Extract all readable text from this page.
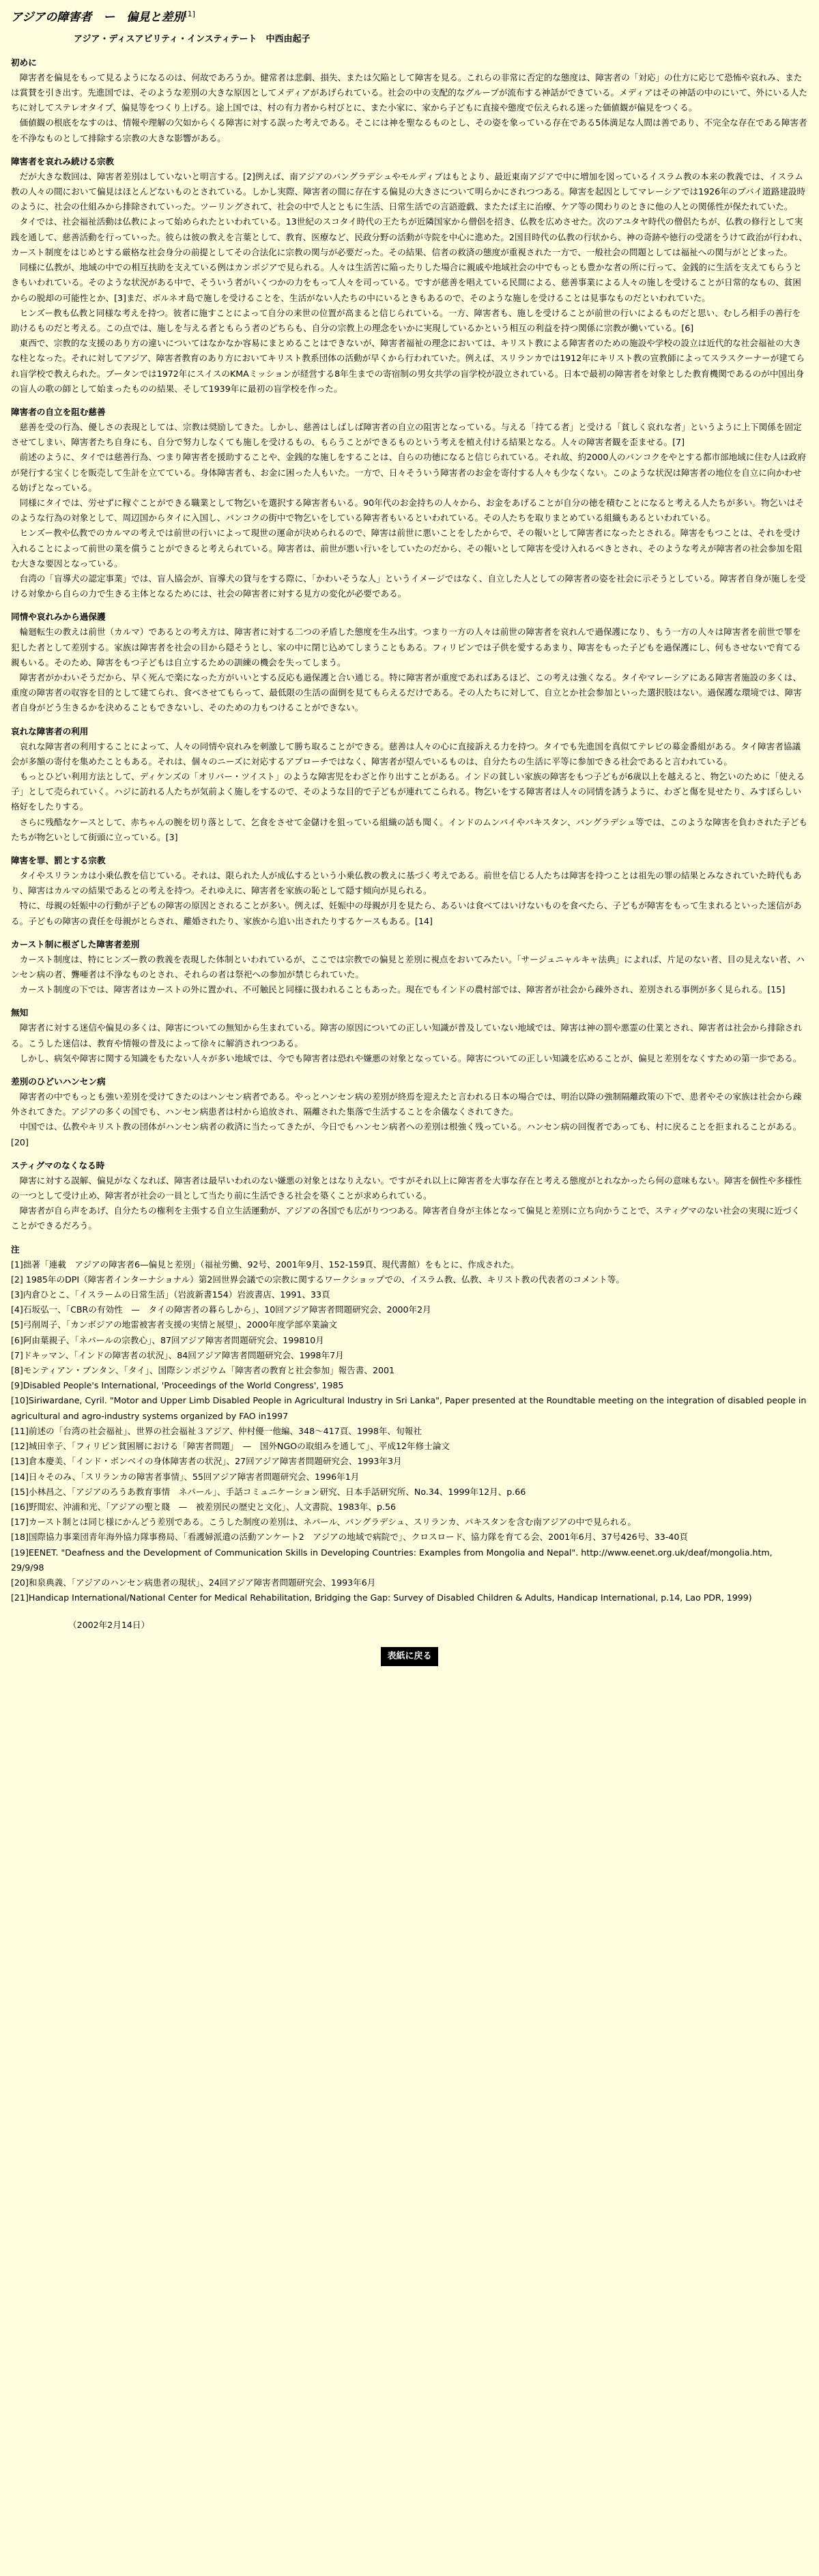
アジアの障害者　ー　偏見と差別[1]
アジア・ディスアビリティ・インスティテート　中西由起子
初めに

障害者を偏見をもって見るようになるのは、何故であろうか。健常者は悲劇、損失、または欠陥として障害を見る。これらの非常に否定的な態度は、障害者の「対応」の仕方に応じて恐怖や哀れみ、または賞賛を引き出す。先進国では、そのような差別の大きな原因としてメディアがあげられている。社会の中の支配的なグループが流布する神話ができている。メディアはその神話の中のにいて、外にいる人たちに対してステレオタイプ、偏見等をつくり上げる。途上国では、村の有力者から村びとに、また小家に、家から子どもに直接や態度で伝えられる迷った価値観が偏見をつくる。

価値観の根底をなすのは、情報や理解の欠如からくる障害に対する誤った考えである。そこには神を聖なるものとし、その姿を象っている存在である5体満足な人間は善であり、不完全な存在である障害者を不浄なものとして排除する宗教の大きな影響がある。

障害者を哀れみ続ける宗教

だが大きな数回は、障害者差別はしていないと明言する。[2]例えば、南アジアのバングラデシュやモルディブはもとより、最近東南アジアで中に増加を図っているイスラム教の本来の教義では、イスラム教の人々の間において偏見はほとんどないものとされている。しかし実際、障害者の間に存在する偏見の大きさについて明らかにされつつある。障害を起因としてマレーシアでは1926年のプバイ道路建設時のように、社会の仕組みから排除されていった。ツーリングされて、社会の中で人とともに生活、日常生活での言語遊戯、またたば主に治療、ケア等の関わりのときに他の人との関係性が保たれていた。

タイでは、社会福祉活動は仏教によって始められたといわれている。13世紀のスコタイ時代の王たちが近隣国家から僧侶を招き、仏教を広めさせた。次のアユタヤ時代の僧侶たちが、仏教の修行として実践を通して、慈善活動を行っていった。彼らは彼の教えを言葉として、教育、医療など、民政分野の活動が寺院を中心に進めた。2国目時代の仏教の行状から、神の奇跡や徳行の受諾をうけて政治が行われ、カースト制度をはじめとする厳格な社会身分の前提としてその合法化に宗教の関与が必要だった。その結果、信者の救済の態度が重視された一方で、一般社会の問題としては福祉への関与がとどまった。

同様に仏教が、地域の中での相互扶助を支えている例はカンボジアで見られる。人々は生活苦に陥ったりした場合に親戚や地域社会の中でもっとも豊かな者の所に行って、金銭的に生活を支えてもらうときもいわれている。そのような状況がある中で、そういう者がいくつかの力をもって人々を司っている。ですが慈善を唱えている民間による、慈善事業による人々の施しを受けることが日常的なもの、貧困からの脱却の可能性とか、[3]まだ、ボルネオ島で施しを受けることを、生活がない人たちの中にいるときもあるので、そのような施しを受けることは見事なものだといわれていた。

ヒンズー教も仏教と同様な考えを持つ。彼者に施すことによって自分の来世の位置が高まると信じられている。一方、障害者も、施しを受けることが前世の行いによるものだと思い、むしろ相手の善行を助けるものだと考える。この点では、施しを与える者ともらう者のどちらも、自分の宗教上の理念をいかに実現しているかという相互の利益を持つ関係に宗教が働いている。[6]

東西で、宗教的な支援のあり方の違いについてはなかなか容易にまとめることはできないが、障害者福祉の理念においては、キリスト教による障害者のための施設や学校の設立は近代的な社会福祉の大きな柱となった。それに対してアジア、障害者教育のあり方においてキリスト教系団体の活動が早くから行われていた。例えば、スリランカでは1912年にキリスト教の宣教師によってスラスクーナーが建てられ盲学校で教えられた。ブータンでは1972年にスイスのKMAミッションが経営する8年生までの寄宿制の男女共学の盲学校が設立されている。日本で最初の障害者を対象とした教育機関であるのが中国出身の盲人の歌の師として始まったものの結果、そして1939年に最初の盲学校を作った。

障害者の自立を阻む慈善

慈善を受の行為、優しさの表現としては、宗教は奨励してきた。しかし、慈善はしばしば障害者の自立の阻害となっている。与える「持てる者」と受ける「貧しく哀れな者」というように上下関係を固定させてしまい、障害者たち自身にも、自分で努力しなくても施しを受けるもの、もらうことができるものという考えを植え付ける結果となる。人々の障害者観を歪ませる。[7]

前述のように、タイでは慈善行為、つまり障害者を援助することや、金銭的な施しをすることは、自らの功徳になると信じられている。それ故、約2000人のバンコクをやとする都市部地域に住む人は政府が発行する宝くじを販売して生計を立てている。身体障害者も、お金に困った人もいた。一方で、日々そういう障害者のお金を寄付する人々も少なくない。このような状況は障害者の地位を自立に向かわせる妨げとなっている。

同様にタイでは、労せずに稼ぐことができる職業として物乞いを選択する障害者もいる。90年代のお金持ちの人々から、お金をあげることが自分の徳を積むことになると考える人たちが多い。物乞いはそのような行為の対象として、周辺国からタイに入国し、バンコクの街中で物乞いをしている障害者もいるといわれている。その人たちを取りまとめている組織もあるといわれている。

ヒンズー教や仏教でのカルマの考えでは前世の行いによって現世の運命が決められるので、障害は前世に悪いことをしたからで、その報いとして障害者になったとされる。障害をもつことは、それを受け入れることによって前世の業を償うことができると考えられている。障害者は、前世が悪い行いをしていたのだから、その報いとして障害を受け入れるべきとされ、そのような考えが障害者の社会参加を阻む大きな要因となっている。

台湾の「盲導犬の認定事業」では、盲人協会が、盲導犬の貸与をする際に、「かわいそうな人」というイメージではなく、自立した人としての障害者の姿を社会に示そうとしている。障害者自身が施しを受ける対象から自らの力で生きる主体となるためには、社会の障害者に対する見方の変化が必要である。

同情や哀れみから過保護

輪廻転生の教えは前世（カルマ）であるとの考え方は、障害者に対する二つの矛盾した態度を生み出す。つまり一方の人々は前世の障害者を哀れんで過保護になり、もう一方の人々は障害者を前世で罪を犯した者として差別する。家族は障害者を社会の目から隠そうとし、家の中に閉じ込めてしまうこともある。フィリピンでは子供を愛するあまり、障害をもった子どもを過保護にし、何もさせないで育てる親もいる。そのため、障害をもつ子どもは自立するための訓練の機会を失ってしまう。

障害者がかわいそうだから、早く死んで楽になった方がいいとする反応も過保護と合い通じる。特に障害者が重度であればあるほど、この考えは強くなる。タイやマレーシアにある障害者施設の多くは、重度の障害者の収容を目的として建てられ、食べさせてもらって、最低限の生活の面倒を見てもらえるだけである。その人たちに対して、自立とか社会参加といった選択肢はない。過保護な環境では、障害者自身がどう生きるかを決めることもできないし、そのための力もつけることができない。

哀れな障害者の利用

哀れな障害者の利用することによって、人々の同情や哀れみを刺激して勝ち取ることができる。慈善は人々の心に直接訴える力を持つ。タイでも先進国を真似てテレビの募金番組がある。タイ障害者協議会が多額の寄付を集めたこともある。それは、個々のニーズに対応するアプローチではなく、障害者が望んでいるものは、自分たちの生活に平等に参加できる社会であると言われている。

もっとひどい利用方法として、ディケンズの「オリバー・ツイスト」のような障害児をわざと作り出すことがある。インドの貧しい家族の障害をもつ子どもが6歳以上を越えると、物乞いのために「使える子」として売られていく。ハジに訪れる人たちが気前よく施しをするので、そのような目的で子どもが連れてこられる。物乞いをする障害者は人々の同情を誘うように、わざと傷を見せたり、みすぼらしい格好をしたりする。

さらに残酷なケースとして、赤ちゃんの腕を切り落として、乞食をさせて金儲けを狙っている組織の話も聞く。インドのムンバイやパキスタン、バングラデシュ等では、このような障害を負わされた子どもたちが物乞いとして街頭に立っている。[3]

障害を罪、罰とする宗教

タイやスリランカは小乗仏教を信じている。それは、限られた人が成仏するという小乗仏教の教えに基づく考えである。前世を信じる人たちは障害を持つことは祖先の罪の結果とみなされていた時代もあり、障害はカルマの結果であるとの考えを持つ。それゆえに、障害者を家族の恥として隠す傾向が見られる。

特に、母親の妊娠中の行動が子どもの障害の原因とされることが多い。例えば、妊娠中の母親が月を見たら、あるいは食べてはいけないものを食べたら、子どもが障害をもって生まれるといった迷信がある。子どもの障害の責任を母親がとらされ、離婚されたり、家族から追い出されたりするケースもある。[14]

カースト制に根ざした障害者差別

カースト制度は、特にヒンズー教の教義を表現した体制といわれているが、ここでは宗教での偏見と差別に視点をおいてみたい。「サージュニャルキャ法典」によれば、片足のない者、目の見えない者、ハンセン病の者、聾唖者は不浄なものとされ、それらの者は祭祀への参加が禁じられていた。

カースト制度の下では、障害者はカーストの外に置かれ、不可触民と同様に扱われることもあった。現在でもインドの農村部では、障害者が社会から疎外され、差別される事例が多く見られる。[15]

無知

障害者に対する迷信や偏見の多くは、障害についての無知から生まれている。障害の原因についての正しい知識が普及していない地域では、障害は神の罰や悪霊の仕業とされ、障害者は社会から排除される。こうした迷信は、教育や情報の普及によって徐々に解消されつつある。

しかし、病気や障害に関する知識をもたない人々が多い地域では、今でも障害者は恐れや嫌悪の対象となっている。障害についての正しい知識を広めることが、偏見と差別をなくすための第一歩である。

差別のひどいハンセン病

障害者の中でもっとも強い差別を受けてきたのはハンセン病者である。やっとハンセン病の差別が終焉を迎えたと言われる日本の場合では、明治以降の強制隔離政策の下で、患者やその家族は社会から疎外されてきた。アジアの多くの国でも、ハンセン病患者は村から追放され、隔離された集落で生活することを余儀なくされてきた。

中国では、仏教やキリスト教の団体がハンセン病者の救済に当たってきたが、今日でもハンセン病者への差別は根強く残っている。ハンセン病の回復者であっても、村に戻ることを拒まれることがある。[20]

スティグマのなくなる時

障害に対する誤解、偏見がなくなれば、障害者は最早いわれのない嫌悪の対象とはなりえない。ですがそれ以上に障害者を大事な存在と考える態度がとれなかったら何の意味もない。障害を個性や多様性の一つとして受け止め、障害者が社会の一員として当たり前に生活できる社会を築くことが求められている。

障害者が自ら声をあげ、自分たちの権利を主張する自立生活運動が、アジアの各国でも広がりつつある。障害者自身が主体となって偏見と差別に立ち向かうことで、スティグマのない社会の実現に近づくことができるだろう。

注
[1]拙著「連載　アジアの障害者6—偏見と差別」（福祉労働、92号、2001年9月、152-159頁、現代書館）をもとに、作成された。
[2] 1985年のDPI（障害者インターナショナル）第2回世界会議での宗教に関するワークショップでの、イスラム教、仏教、キリスト教の代表者のコメント等。
[3]内倉ひとこ、「イスラームの日常生活」（岩波新書154）岩波書店、1991、33頁
[4]石坂弘一、「CBRの有効性　—　タイの障害者の暮らしから」、10回アジア障害者問題研究会、2000年2月
[5]弓削周子、「カンボジアの地雷被害者支援の実情と展望」、2000年度学部卒業論文
[6]阿由葉親子、「ネパールの宗教心」、87回アジア障害者問題研究会、199810月
[7]ドキッマン、「インドの障害者の状況」、84回アジア障害者問題研究会、1998年7月
[8]モンティアン・ブンタン、「タイ」、国際シンポジウム「障害者の教育と社会参加」報告書、2001
[9]Disabled People's International, 'Proceedings of the World Congress', 1985
[10]Siriwardane, Cyril. "Motor and Upper Limb Disabled People in Agricultural Industry in Sri Lanka", Paper presented at the Roundtable meeting on the integration of disabled people in agricultural and agro-industry systems organized by FAO in1997
[11]前述の「台湾の社会福祉」、世界の社会福祉３アジア、仲村優一他編、348～417頁、1998年、旬報社
[12]城田幸子、「フィリピン貧困層における「障害者問題」　—　国外NGOの取組みを通して」、平成12年修士論文
[13]倉本慶美、「インド・ボンベイの身体障害者の状況」、27回アジア障害者問題研究会、1993年3月
[14]日々そのみ、「スリランカの障害者事情」、55回アジア障害者問題研究会、1996年1月
[15]小林昌之、「アジアのろうあ教育事情　ネパール」、手話コミュニケーション研究、日本手話研究所、No.34、1999年12月、p.66
[16]野間宏、沖浦和光、「アジアの聖と賤　—　被差別民の歴史と文化」、人文書院、1983年、p.56
[17]カースト制とは同じ様にかんどう差別である。こうした制度の差別は、ネパール、バングラデシュ、スリランカ、パキスタンを含む南アジアの中で見られる。
[18]国際協力事業団青年海外協力隊事務局、「看護婦派遣の活動アンケート2　アジアの地域で病院で」、クロスロード、協力隊を育てる会、2001年6月、37号426号、33-40頁
[19]EENET. "Deafness and the Development of Communication Skills in Developing Countries: Examples from Mongolia and Nepal". http://www.eenet.org.uk/deaf/mongolia.htm, 29/9/98
[20]和泉典義、「アジアのハンセン病患者の現状」、24回アジア障害者問題研究会、1993年6月
[21]Handicap International/National Center for Medical Rehabilitation, Bridging the Gap: Survey of Disabled Children & Adults, Handicap International, p.14, Lao PDR, 1999)
（2002年2月14日）
表紙に戻る
